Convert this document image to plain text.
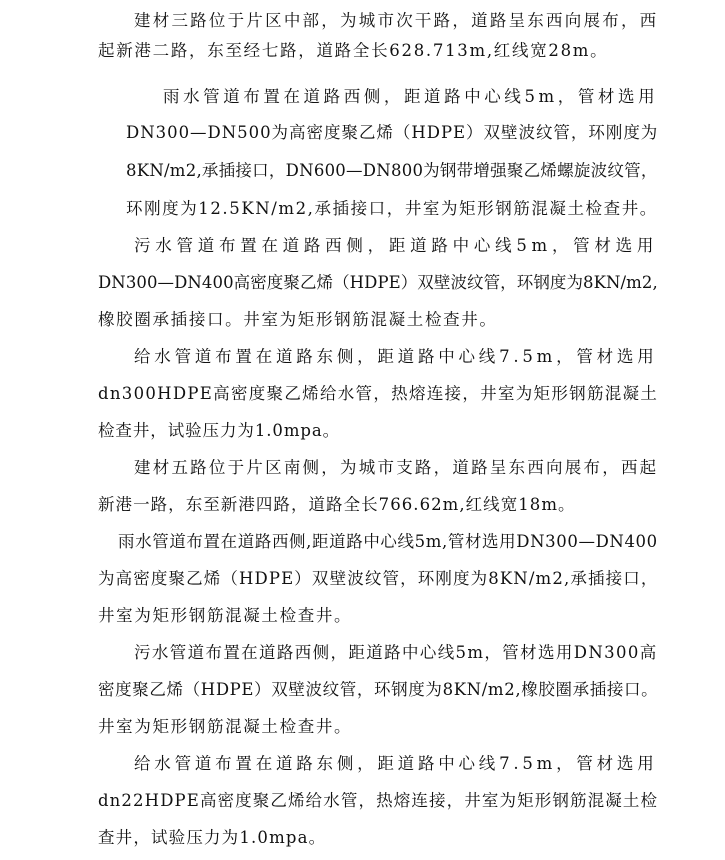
建材三路位于片区中部，为城市次干路，道路呈东西向展布，西
起新港二路，东至经七路，道路全长628.713m,红线宽28m。
雨水管道布置在道路西侧，距道路中心线5m，管材选用
DN300—DN500为高密度聚乙烯（HDPE）双壁波纹管，环刚度为
8KN/m2,承插接口，DN600—DN800为钢带增强聚乙烯螺旋波纹管，
环刚度为12.5KN/m2,承插接口，井室为矩形钢筋混凝土检查井。
污水管道布置在道路西侧，距道路中心线5m，管材选用
DN300—DN400高密度聚乙烯（HDPE）双壁波纹管，环钢度为8KN/m2,
橡胶圈承插接口。井室为矩形钢筋混凝土检查井。
给水管道布置在道路东侧，距道路中心线7.5m，管材选用
dn300HDPE高密度聚乙烯给水管，热熔连接，井室为矩形钢筋混凝土
检查井，试验压力为1.0mpa。
建材五路位于片区南侧，为城市支路，道路呈东西向展布，西起
新港一路，东至新港四路，道路全长766.62m,红线宽18m。
雨水管道布置在道路西侧,距道路中心线5m,管材选用DN300—DN400
为高密度聚乙烯（HDPE）双壁波纹管，环刚度为8KN/m2,承插接口，
井室为矩形钢筋混凝土检查井。
污水管道布置在道路西侧，距道路中心线5m，管材选用DN300高
密度聚乙烯（HDPE）双壁波纹管，环钢度为8KN/m2,橡胶圈承插接口。
井室为矩形钢筋混凝土检查井。
给水管道布置在道路东侧，距道路中心线7.5m，管材选用
dn22HDPE高密度聚乙烯给水管，热熔连接，井室为矩形钢筋混凝土检
查井，试验压力为1.0mpa。
